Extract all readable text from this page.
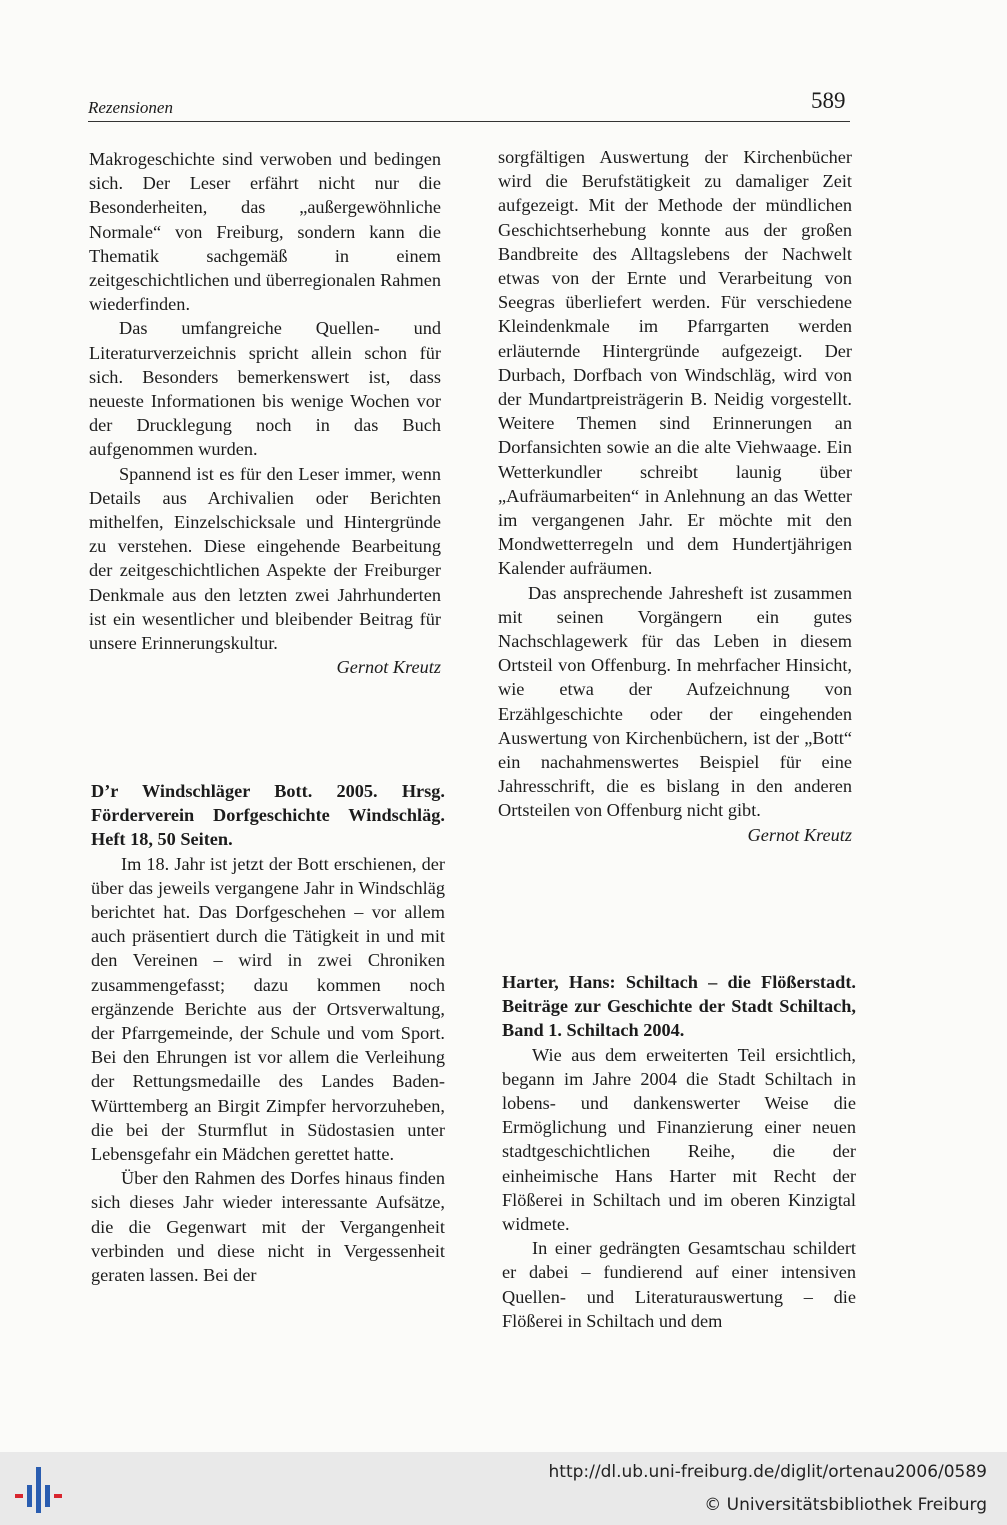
Rezensionen	589

Makrogeschichte sind verwoben und bedingen sich. Der Leser erfährt nicht nur die Besonderheiten, das „außergewöhnliche Normale“ von Freiburg, sondern kann die Thematik sachgemäß in einem zeitgeschichtlichen und überregionalen Rahmen wiederfinden.

Das umfangreiche Quellen- und Literaturverzeichnis spricht allein schon für sich. Besonders bemerkenswert ist, dass neueste Informationen bis wenige Wochen vor der Drucklegung noch in das Buch aufgenommen wurden.

Spannend ist es für den Leser immer, wenn Details aus Archivalien oder Berichten mithelfen, Einzelschicksale und Hintergründe zu verstehen. Diese eingehende Bearbeitung der zeitgeschichtlichen Aspekte der Freiburger Denkmale aus den letzten zwei Jahrhunderten ist ein wesentlicher und bleibender Beitrag für unsere Erinnerungskultur.

Gernot Kreutz

D’r Windschläger Bott. 2005. Hrsg. Förderverein Dorfgeschichte Windschläg. Heft 18, 50 Seiten.

Im 18. Jahr ist jetzt der Bott erschienen, der über das jeweils vergangene Jahr in Windschläg berichtet hat. Das Dorfgeschehen – vor allem auch präsentiert durch die Tätigkeit in und mit den Vereinen – wird in zwei Chroniken zusammengefasst; dazu kommen noch ergänzende Berichte aus der Ortsverwaltung, der Pfarrgemeinde, der Schule und vom Sport. Bei den Ehrungen ist vor allem die Verleihung der Rettungsmedaille des Landes Baden-Württemberg an Birgit Zimpfer hervorzuheben, die bei der Sturmflut in Südostasien unter Lebensgefahr ein Mädchen gerettet hatte.

Über den Rahmen des Dorfes hinaus finden sich dieses Jahr wieder interessante Aufsätze, die die Gegenwart mit der Vergangenheit verbinden und diese nicht in Vergessenheit geraten lassen. Bei der

sorgfältigen Auswertung der Kirchenbücher wird die Berufstätigkeit zu damaliger Zeit aufgezeigt. Mit der Methode der mündlichen Geschichtserhebung konnte aus der großen Bandbreite des Alltagslebens der Nachwelt etwas von der Ernte und Verarbeitung von Seegras überliefert werden. Für verschiedene Kleindenkmale im Pfarrgarten werden erläuternde Hintergründe aufgezeigt. Der Durbach, Dorfbach von Windschläg, wird von der Mundartpreisträgerin B. Neidig vorgestellt. Weitere Themen sind Erinnerungen an Dorfansichten sowie an die alte Viehwaage. Ein Wetterkundler schreibt launig über „Aufräumarbeiten“ in Anlehnung an das Wetter im vergangenen Jahr. Er möchte mit den Mondwetterregeln und dem Hundertjährigen Kalender aufräumen.

Das ansprechende Jahresheft ist zusammen mit seinen Vorgängern ein gutes Nachschlagewerk für das Leben in diesem Ortsteil von Offenburg. In mehrfacher Hinsicht, wie etwa der Aufzeichnung von Erzählgeschichte oder der eingehenden Auswertung von Kirchenbüchern, ist der „Bott“ ein nachahmenswertes Beispiel für eine Jahresschrift, die es bislang in den anderen Ortsteilen von Offenburg nicht gibt.

Gernot Kreutz

Harter, Hans: Schiltach – die Flößerstadt. Beiträge zur Geschichte der Stadt Schiltach, Band 1. Schiltach 2004.

Wie aus dem erweiterten Teil ersichtlich, begann im Jahre 2004 die Stadt Schiltach in lobens- und dankenswerter Weise die Ermöglichung und Finanzierung einer neuen stadtgeschichtlichen Reihe, die der einheimische Hans Harter mit Recht der Flößerei in Schiltach und im oberen Kinzigtal widmete.

In einer gedrängten Gesamtschau schildert er dabei – fundierend auf einer intensiven Quellen- und Literaturauswertung – die Flößerei in Schiltach und dem

http://dl.ub.uni-freiburg.de/diglit/ortenau2006/0589
© Universitätsbibliothek Freiburg
